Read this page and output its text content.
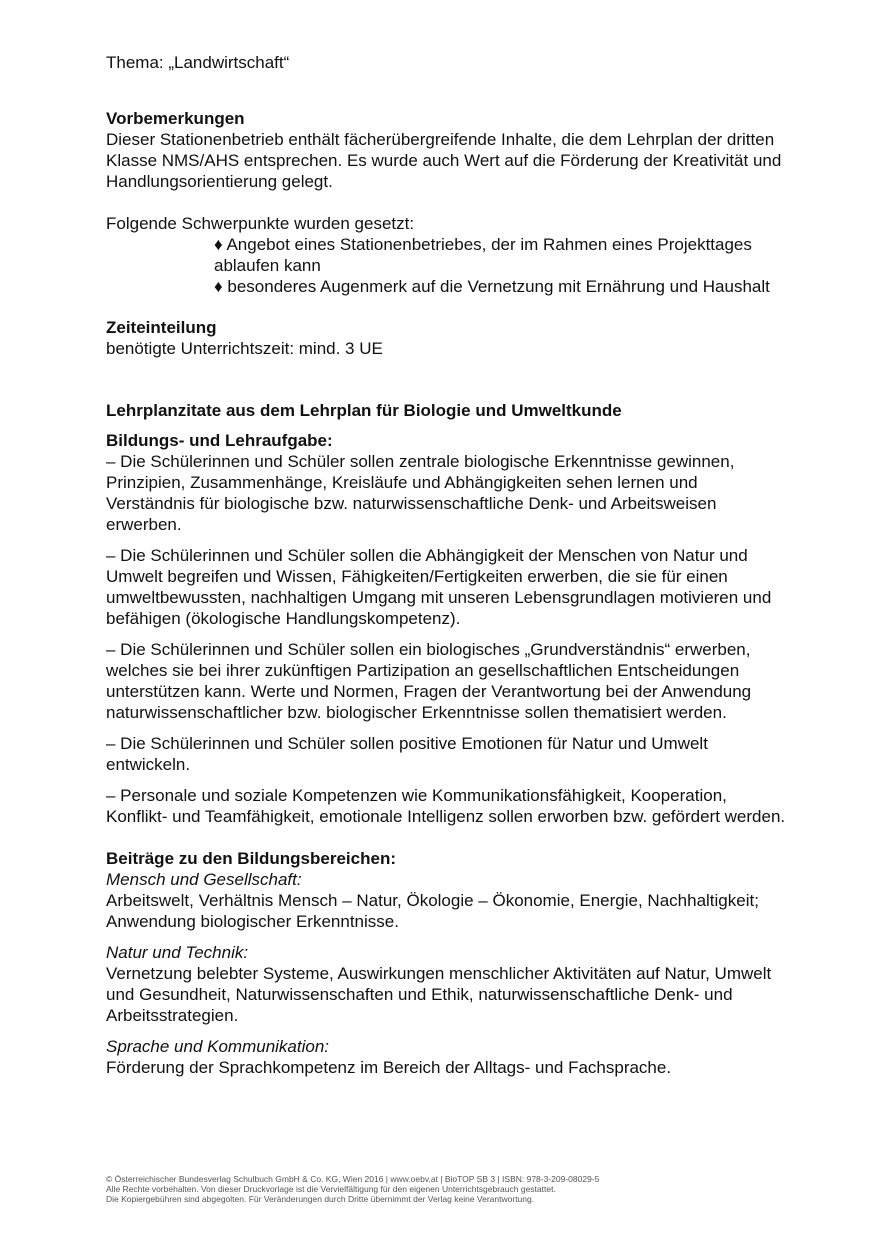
Thema: „Landwirtschaft“

Vorbemerkungen

Dieser Stationenbetrieb enthält fächerübergreifende Inhalte, die dem Lehrplan der dritten Klasse NMS/AHS entsprechen. Es wurde auch Wert auf die Förderung der Kreativität und Handlungsorientierung gelegt.

Folgende Schwerpunkte wurden gesetzt:

♦ Angebot eines Stationenbetriebes, der im Rahmen eines Projekttages ablaufen kann
♦ besonderes Augenmerk auf die Vernetzung mit Ernährung und Haushalt

Zeiteinteilung

benötigte Unterrichtszeit: mind. 3 UE

Lehrplanzitate aus dem Lehrplan für Biologie und Umweltkunde

Bildungs- und Lehraufgabe:

– Die Schülerinnen und Schüler sollen zentrale biologische Erkenntnisse gewinnen, Prinzipien, Zusammenhänge, Kreisläufe und Abhängigkeiten sehen lernen und Verständnis für biologische bzw. naturwissenschaftliche Denk- und Arbeitsweisen erwerben.

– Die Schülerinnen und Schüler sollen die Abhängigkeit der Menschen von Natur und Umwelt begreifen und Wissen, Fähigkeiten/Fertigkeiten erwerben, die sie für einen umweltbewussten, nachhaltigen Umgang mit unseren Lebensgrundlagen motivieren und befähigen (ökologische Handlungskompetenz).

– Die Schülerinnen und Schüler sollen ein biologisches „Grundverständnis“ erwerben, welches sie bei ihrer zukünftigen Partizipation an gesellschaftlichen Entscheidungen unterstützen kann. Werte und Normen, Fragen der Verantwortung bei der Anwendung naturwissenschaftlicher bzw. biologischer Erkenntnisse sollen thematisiert werden.

– Die Schülerinnen und Schüler sollen positive Emotionen für Natur und Umwelt entwickeln.

– Personale und soziale Kompetenzen wie Kommunikationsfähigkeit, Kooperation, Konflikt- und Teamfähigkeit, emotionale Intelligenz sollen erworben bzw. gefördert werden.

Beiträge zu den Bildungsbereichen:

Mensch und Gesellschaft:

Arbeitswelt, Verhältnis Mensch – Natur, Ökologie – Ökonomie, Energie, Nachhaltigkeit; Anwendung biologischer Erkenntnisse.

Natur und Technik:

Vernetzung belebter Systeme, Auswirkungen menschlicher Aktivitäten auf Natur, Umwelt und Gesundheit, Naturwissenschaften und Ethik, naturwissenschaftliche Denk- und Arbeitsstrategien.

Sprache und Kommunikation:

Förderung der Sprachkompetenz im Bereich der Alltags- und Fachsprache.

© Österreichischer Bundesverlag Schulbuch GmbH & Co. KG, Wien 2016 | www.oebv.at | BioTOP SB 3 | ISBN: 978-3-209-08029-5
Alle Rechte vorbehalten. Von dieser Druckvorlage ist die Vervielfältigung für den eigenen Unterrichtsgebrauch gestattet.
Die Kopiergebühren sind abgegolten. Für Veränderungen durch Dritte übernimmt der Verlag keine Verantwortung.
